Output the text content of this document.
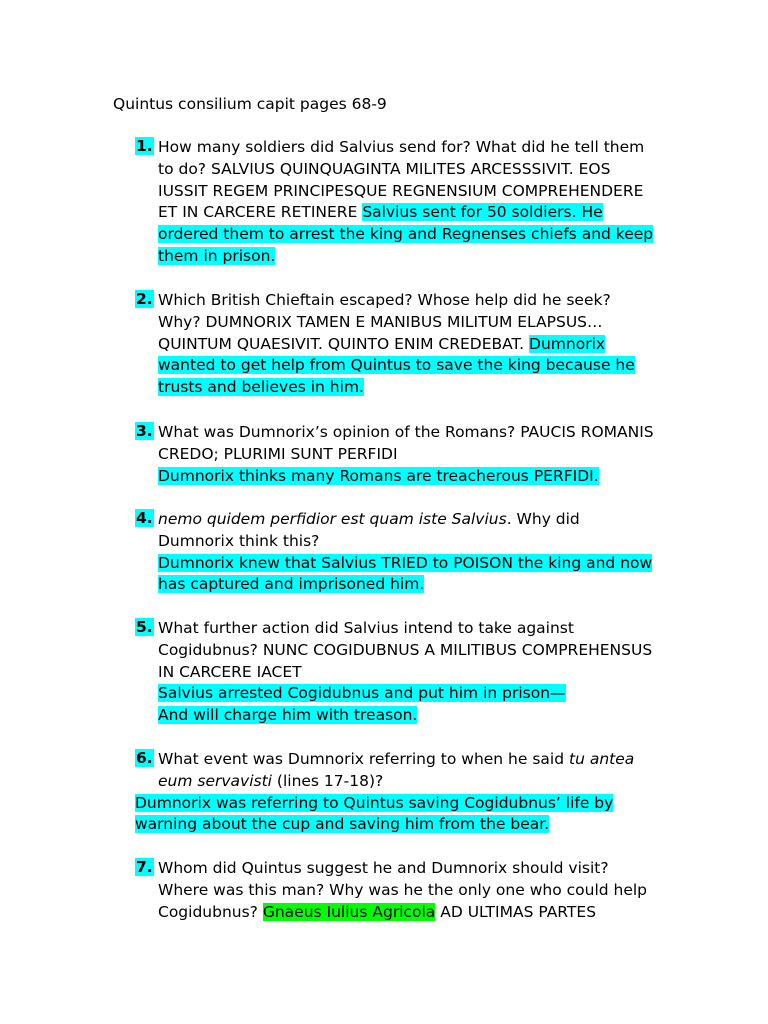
Quintus consilium capit pages 68-9
1. How many soldiers did Salvius send for? What did he tell them to do? SALVIUS QUINQUAGINTA MILITES ARCESSSIVIT. EOS IUSSIT REGEM PRINCIPESQUE REGNENSIUM COMPREHENDERE ET IN CARCERE RETINERE Salvius sent for 50 soldiers. He ordered them to arrest the king and Regnenses chiefs and keep them in prison.
2. Which British Chieftain escaped? Whose help did he seek? Why? DUMNORIX TAMEN E MANIBUS MILITUM ELAPSUS… QUINTUM QUAESIVIT. QUINTO ENIM CREDEBAT. Dumnorix wanted to get help from Quintus to save the king because he trusts and believes in him.
3. What was Dumnorix’s opinion of the Romans? PAUCIS ROMANIS CREDO; PLURIMI SUNT PERFIDI
Dumnorix thinks many Romans are treacherous PERFIDI.
4. nemo quidem perfidior est quam iste Salvius. Why did Dumnorix think this?
Dumnorix knew that Salvius TRIED to POISON the king and now has captured and imprisoned him.
5. What further action did Salvius intend to take against Cogidubnus? NUNC COGIDUBNUS A MILITIBUS COMPREHENSUS IN CARCERE IACET
Salvius arrested Cogidubnus and put him in prison—
And will charge him with treason.
6. What event was Dumnorix referring to when he said tu antea eum servavisti (lines 17-18)?
Dumnorix was referring to Quintus saving Cogidubnus’ life by
warning about the cup and saving him from the bear.
7. Whom did Quintus suggest he and Dumnorix should visit? Where was this man? Why was he the only one who could help Cogidubnus? Gnaeus Iulius Agricola AD ULTIMAS PARTES
